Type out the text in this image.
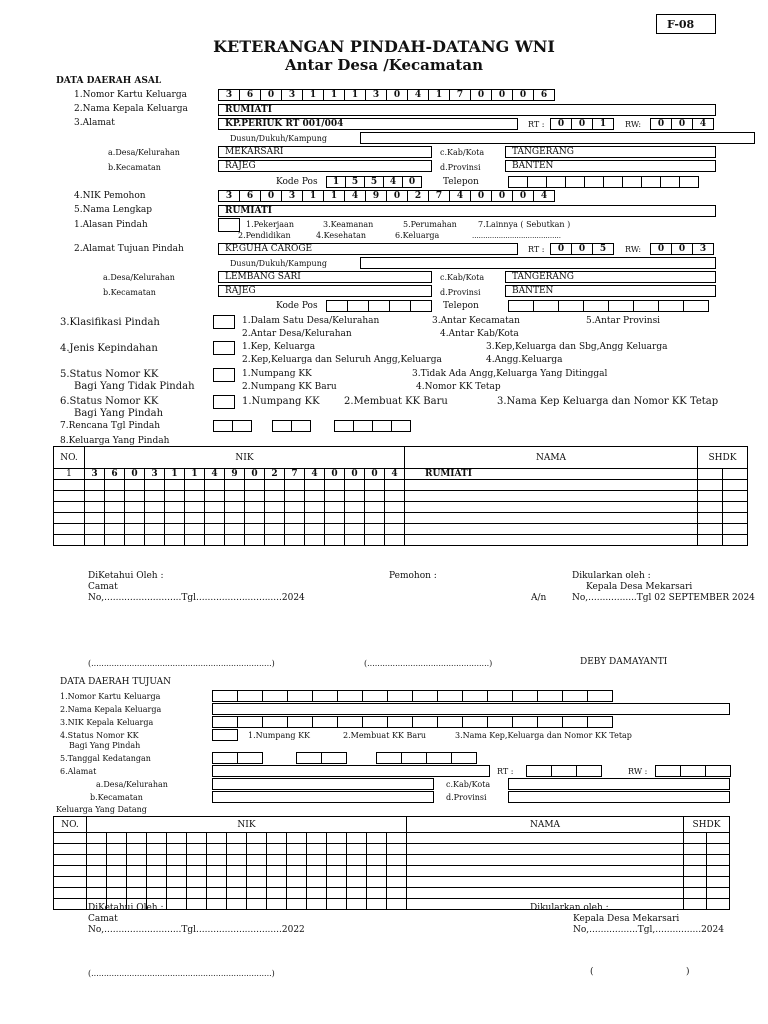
F-08
KETERANGAN PINDAH-DATANG WNI
Antar Desa /Kecamatan
DATA DAERAH ASAL
1.Nomor Kartu Keluarga	3	6	0	3	1	1	1	3	0	4	1	7	0	0	0	6
2.Nama Kepala Keluarga	RUMIATI
3.Alamat	KP.PERIUK RT 001/004	RT :	0	0	1	RW:	0	0	4
Dusun/Dukuh/Kampung
a.Desa/Kelurahan	MEKARSARI	c.Kab/Kota	TANGERANG
b.Kecamatan	RAJEG	d.Provinsi	BANTEN
Kode Pos	1	5	5	4	0	Telepon
4.NIK Pemohon	3	6	0	3	1	1	4	9	0	2	7	4	0	0	0	4
5.Nama Lengkap	RUMIATI
1.Alasan Pindah	1.Pekerjaan	3.Keamanan	5.Perumahan	7.Lainnya ( Sebutkan )
2.Pendidikan	4.Kesehatan	6.Keluarga	........................................
2.Alamat Tujuan Pindah	KP.GUHA CAROGE	RT :	0	0	5	RW:	0	0	3
Dusun/Dukuh/Kampung
a.Desa/Kelurahan	LEMBANG SARI	c.Kab/Kota	TANGERANG
b.Kecamatan	RAJEG	d.Provinsi	BANTEN
Kode Pos	Telepon
3.Klasifikasi Pindah	1.Dalam Satu Desa/Kelurahan	3.Antar Kecamatan	5.Antar Provinsi
2.Antar Desa/Kelurahan	4.Antar Kab/Kota
4.Jenis Kepindahan	1.Kep, Keluarga	3.Kep,Keluarga dan Sbg,Angg Keluarga
2.Kep,Keluarga dan Seluruh Angg,Keluarga	4.Angg.Keluarga
5.Status Nomor KK
Bagi Yang Tidak Pindah
1.Numpang KK	3.Tidak Ada Angg,Keluarga Yang Ditinggal
2.Numpang KK Baru	4.Nomor KK Tetap
6.Status Nomor KK
Bagi Yang Pindah
1.Numpang KK 2.Membuat KK Baru	3.Nama Kep Keluarga dan Nomor KK Tetap
7.Rencana Tgl Pindah
8.Keluarga Yang Pindah
NO.	NIK																NAMA	SHDK	
1	3	6	0	3	1	1	4	9	0	2	7	4	0	0	0	4	RUMIATI		

DiKetahui Oleh :
Camat
No,...........................Tgl..............................2024
Pemohon :
A/n
Dikularkan oleh :
Kepala Desa Mekarsari
No,.................Tgl 02 SEPTEMBER 2024
(.......................................................................)	(................................................)	DEBY DAMAYANTI
DATA DAERAH TUJUAN
1.Nomor Kartu Keluarga
2.Nama Kepala Keluarga
3.NIK Kepala Keluarga
4.Status Nomor KK
Bagi Yang Pindah
1.Numpang KK	2.Membuat KK Baru	3.Nama Kep,Keluarga dan Nomor KK Tetap
5.Tanggal Kedatangan
6.Alamat	RT :	RW :
a.Desa/Kelurahan	c.Kab/Kota
b.Kecamatan	d.Provinsi
Keluarga Yang Datang
NO.	NIK																NAMA	SHDK	

DiKetahui Oleh :
Camat
No,...........................Tgl..............................2022
Dikularkan oleh :
Kepala Desa Mekarsari
No,.................Tgl,................2024
(.......................................................................)	(	)
